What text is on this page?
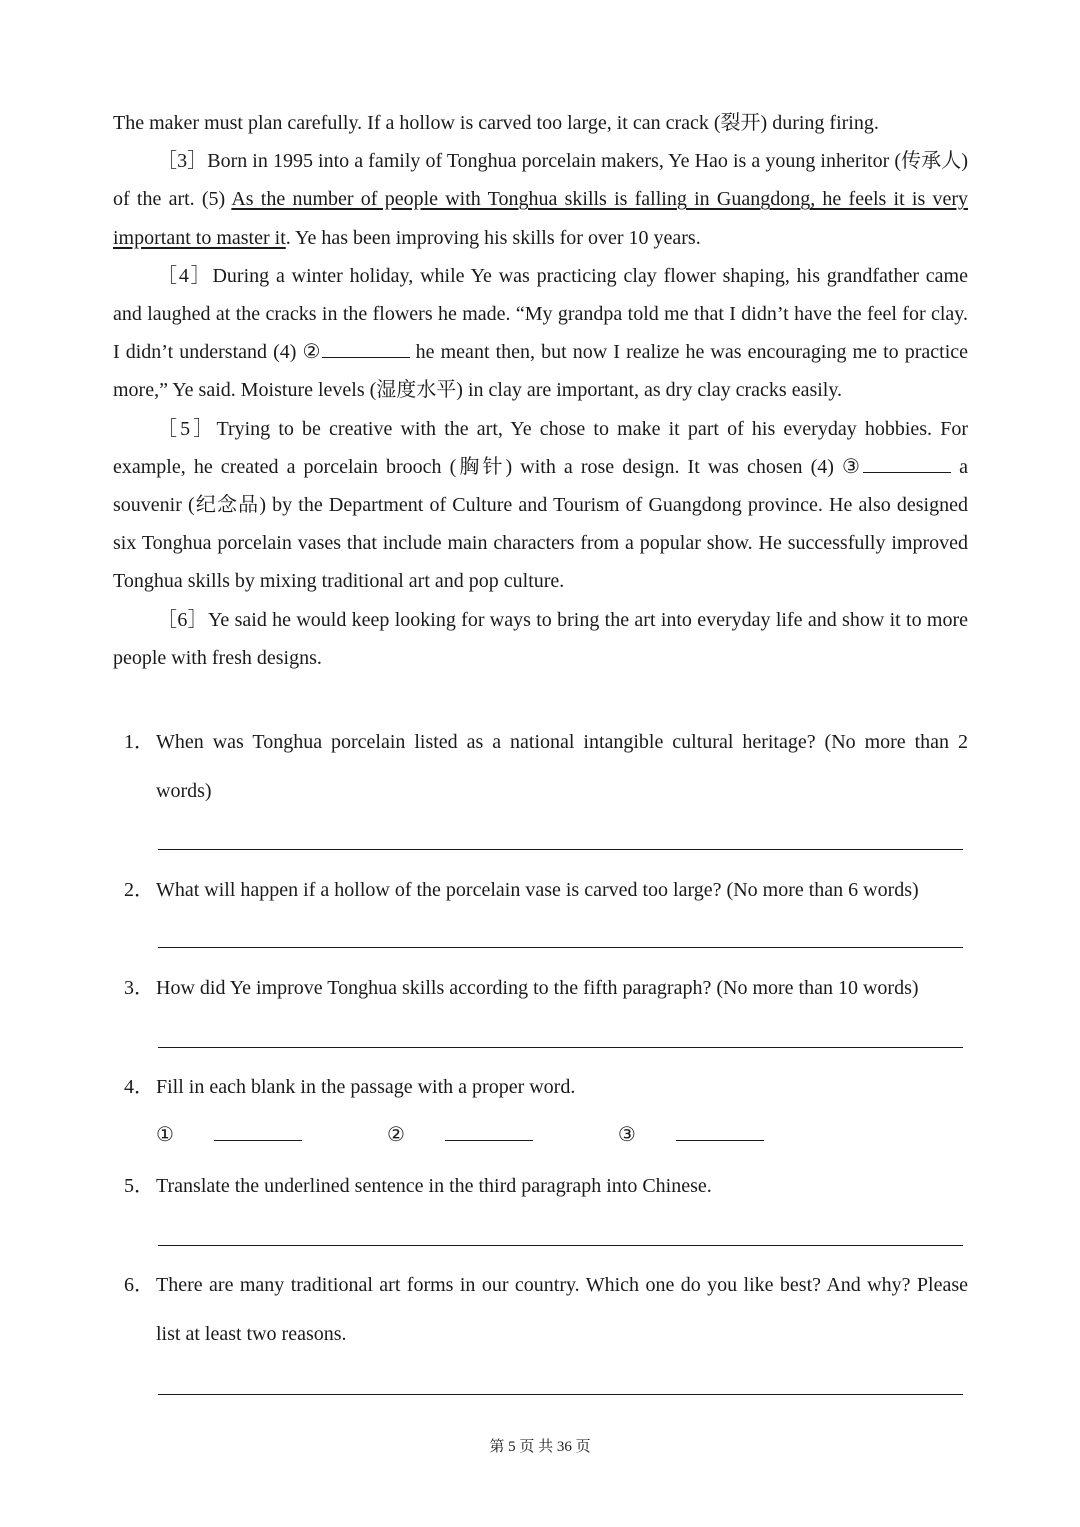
The maker must plan carefully. If a hollow is carved too large, it can crack (裂开) during firing.

［3］Born in 1995 into a family of Tonghua porcelain makers, Ye Hao is a young inheritor (传承人) of the art. (5) As the number of people with Tonghua skills is falling in Guangdong, he feels it is very important to master it. Ye has been improving his skills for over 10 years.

［4］During a winter holiday, while Ye was practicing clay flower shaping, his grandfather came and laughed at the cracks in the flowers he made. “My grandpa told me that I didn’t have the feel for clay. I didn’t understand (4) ②	he meant then, but now I realize he was encouraging me to practice more,” Ye said. Moisture levels (湿度水平) in clay are important, as dry clay cracks easily.

［5］Trying to be creative with the art, Ye chose to make it part of his everyday hobbies. For example, he created a porcelain brooch (胸针) with a rose design. It was chosen (4) ③	a souvenir (纪念品) by the Department of Culture and Tourism of Guangdong province. He also designed six Tonghua porcelain vases that include main characters from a popular show. He successfully improved Tonghua skills by mixing traditional art and pop culture.

［6］Ye said he would keep looking for ways to bring the art into everyday life and show it to more people with fresh designs.

1． When was Tonghua porcelain listed as a national intangible cultural heritage? (No more than 2 words)
2． What will happen if a hollow of the porcelain vase is carved too large? (No more than 6 words)
3． How did Ye improve Tonghua skills according to the fifth paragraph? (No more than 10 words)
4． Fill in each blank in the passage with a proper word.
①	②	③
5． Translate the underlined sentence in the third paragraph into Chinese.
6． There are many traditional art forms in our country. Which one do you like best? And why? Please list at least two reasons.
第 5 页 共 36 页
